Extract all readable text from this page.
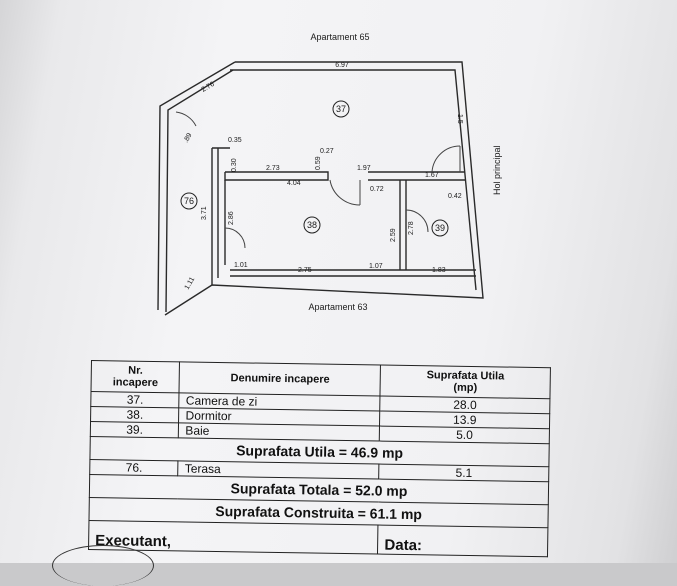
Apartament 65
Apartament 63
Hol principal
37
38	39
76
6.97
2.76
1.5
.89	0.35
0.30
0.27
0.59
2.73
4.04
1.97
0.72
1.67
0.42
3.71	2.86
2.59
2.78
1.01
2.75
1.07
1.83
1.11
Nr.
incapere	Denumire incapere	Suprafata Utila
(mp)
37.	Camera de zi	28.0
38.	Dormitor	13.9
39.	Baie	5.0
Suprafata Utila = 46.9 mp		
76.	Terasa	5.1
Suprafata Totala = 52.0 mp		
Suprafata Construita = 61.1 mp		
Executant,		Data:
